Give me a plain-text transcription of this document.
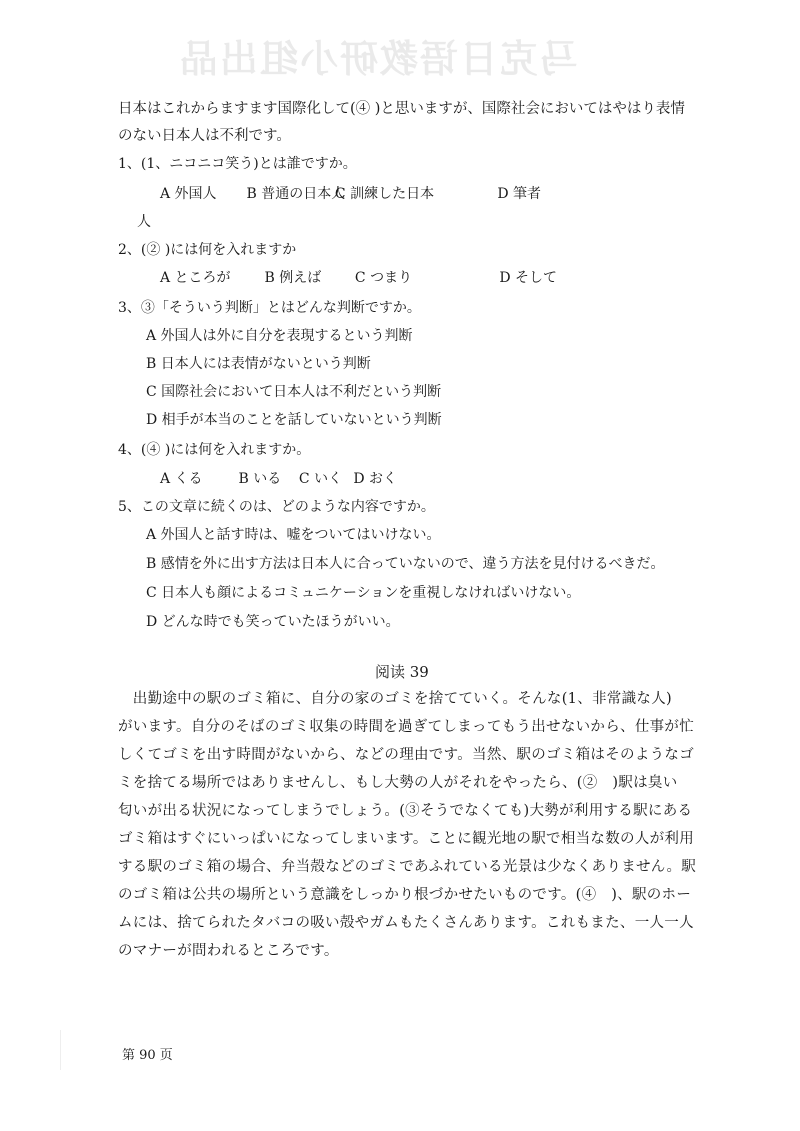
马克日语教研小组出品
日本はこれからますます国際化して(④ )と思いますが、国際社会においてはやはり表情
のない日本人は不利です。
1、(1、ニコニコ笑う)とは誰ですか。
A 外国人 B 普通の日本人 C 訓練した日本	D 筆者
人
2、(② )には何を入れますか
A ところが B 例えば C つまり	D そして
3、③「そういう判断」とはどんな判断ですか。
A 外国人は外に自分を表現するという判断
B 日本人には表情がないという判断
C 国際社会において日本人は不利だという判断
D 相手が本当のことを話していないという判断
4、(④ )には何を入れますか。
A くる	B いる C いく D おく
5、この文章に続くのは、どのような内容ですか。
A 外国人と話す時は、嘘をついてはいけない。
B 感情を外に出す方法は日本人に合っていないので、違う方法を見付けるべきだ。
C 日本人も顔によるコミュニケーションを重視しなければいけない。
D どんな時でも笑っていたほうがいい。
阅读 39
　出勤途中の駅のゴミ箱に、自分の家のゴミを捨てていく。そんな(1、非常識な人)
がいます。自分のそばのゴミ収集の時間を過ぎてしまってもう出せないから、仕事が忙
しくてゴミを出す時間がないから、などの理由です。当然、駅のゴミ箱はそのようなゴ
ミを捨てる場所ではありませんし、もし大勢の人がそれをやったら、(②　)駅は臭い
匂いが出る状況になってしまうでしょう。(③そうでなくても)大勢が利用する駅にある
ゴミ箱はすぐにいっぱいになってしまいます。ことに観光地の駅で相当な数の人が利用
する駅のゴミ箱の場合、弁当殻などのゴミであふれている光景は少なくありません。駅
のゴミ箱は公共の場所という意識をしっかり根づかせたいものです。(④　)、駅のホー
ムには、捨てられたタバコの吸い殻やガムもたくさんあります。これもまた、一人一人
のマナーが問われるところです。
第 90 页
